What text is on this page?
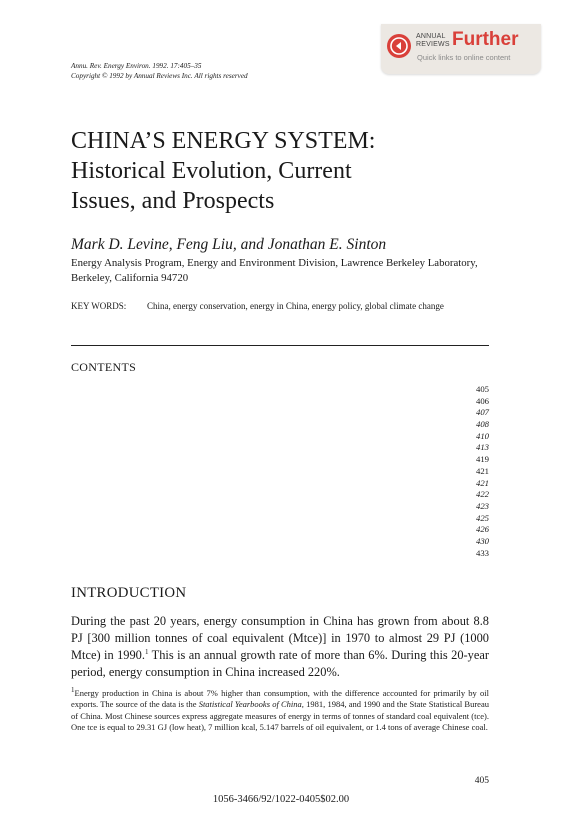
ANNUAL
REVIEWS Further
Quick links to online content
Annu. Rev. Energy Environ. 1992. 17:405–35
Copyright © 1992 by Annual Reviews Inc. All rights reserved
CHINA’S ENERGY SYSTEM:
Historical Evolution, Current
Issues, and Prospects
Mark D. Levine, Feng Liu, and Jonathan E. Sinton
Energy Analysis Program, Energy and Environment Division, Lawrence Berkeley Laboratory, Berkeley, California 94720
KEY WORDS: China, energy conservation, energy in China, energy policy, global climate change
CONTENTS
405
406
407
408
410
413
419
421
421
422
423
425
426
430
433
INTRODUCTION
During the past 20 years, energy consumption in China has grown from about 8.8 PJ [300 million tonnes of coal equivalent (Mtce)] in 1970 to almost 29 PJ (1000 Mtce) in 1990.$^1$ This is an annual growth rate of more than 6%. During this 20-year period, energy consumption in China increased 220%.
$^1$Energy production in China is about 7% higher than consumption, with the difference accounted for primarily by oil exports. The source of the data is the Statistical Yearbooks of China, 1981, 1984, and 1990 and the State Statistical Bureau of China. Most Chinese sources express aggregate measures of energy in terms of tonnes of standard coal equivalent (tce). One tce is equal to 29.31 GJ (low heat), 7 million kcal, 5.147 barrels of oil equivalent, or 1.4 tons of average Chinese coal.
405
1056-3466/92/1022-0405$02.00
